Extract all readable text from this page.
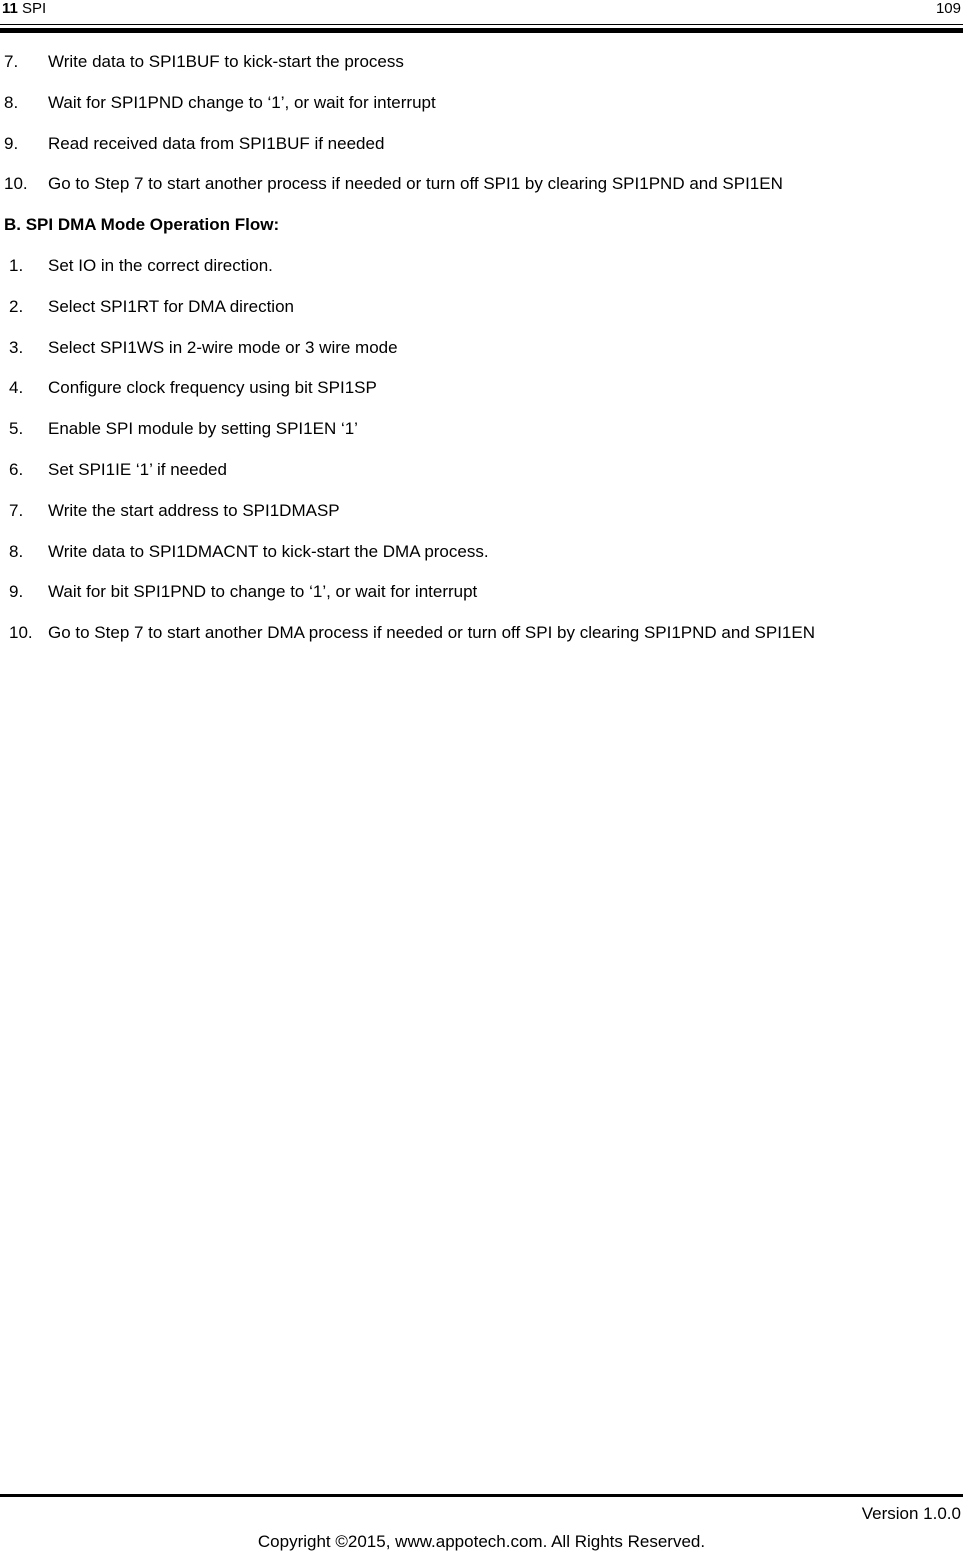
11 SPI	109
7. Write data to SPI1BUF to kick-start the process
8. Wait for SPI1PND change to ‘1’, or wait for interrupt
9. Read received data from SPI1BUF if needed
10. Go to Step 7 to start another process if needed or turn off SPI1 by clearing SPI1PND and SPI1EN
B. SPI DMA Mode Operation Flow:
1. Set IO in the correct direction.
2. Select SPI1RT for DMA direction
3. Select SPI1WS in 2-wire mode or 3 wire mode
4. Configure clock frequency using bit SPI1SP
5. Enable SPI module by setting SPI1EN ‘1’
6. Set SPI1IE ‘1’ if needed
7. Write the start address to SPI1DMASP
8. Write data to SPI1DMACNT to kick-start the DMA process.
9. Wait for bit SPI1PND to change to ‘1’, or wait for interrupt
10. Go to Step 7 to start another DMA process if needed or turn off SPI by clearing SPI1PND and SPI1EN
Version 1.0.0
Copyright ©2015, www.appotech.com. All Rights Reserved.
